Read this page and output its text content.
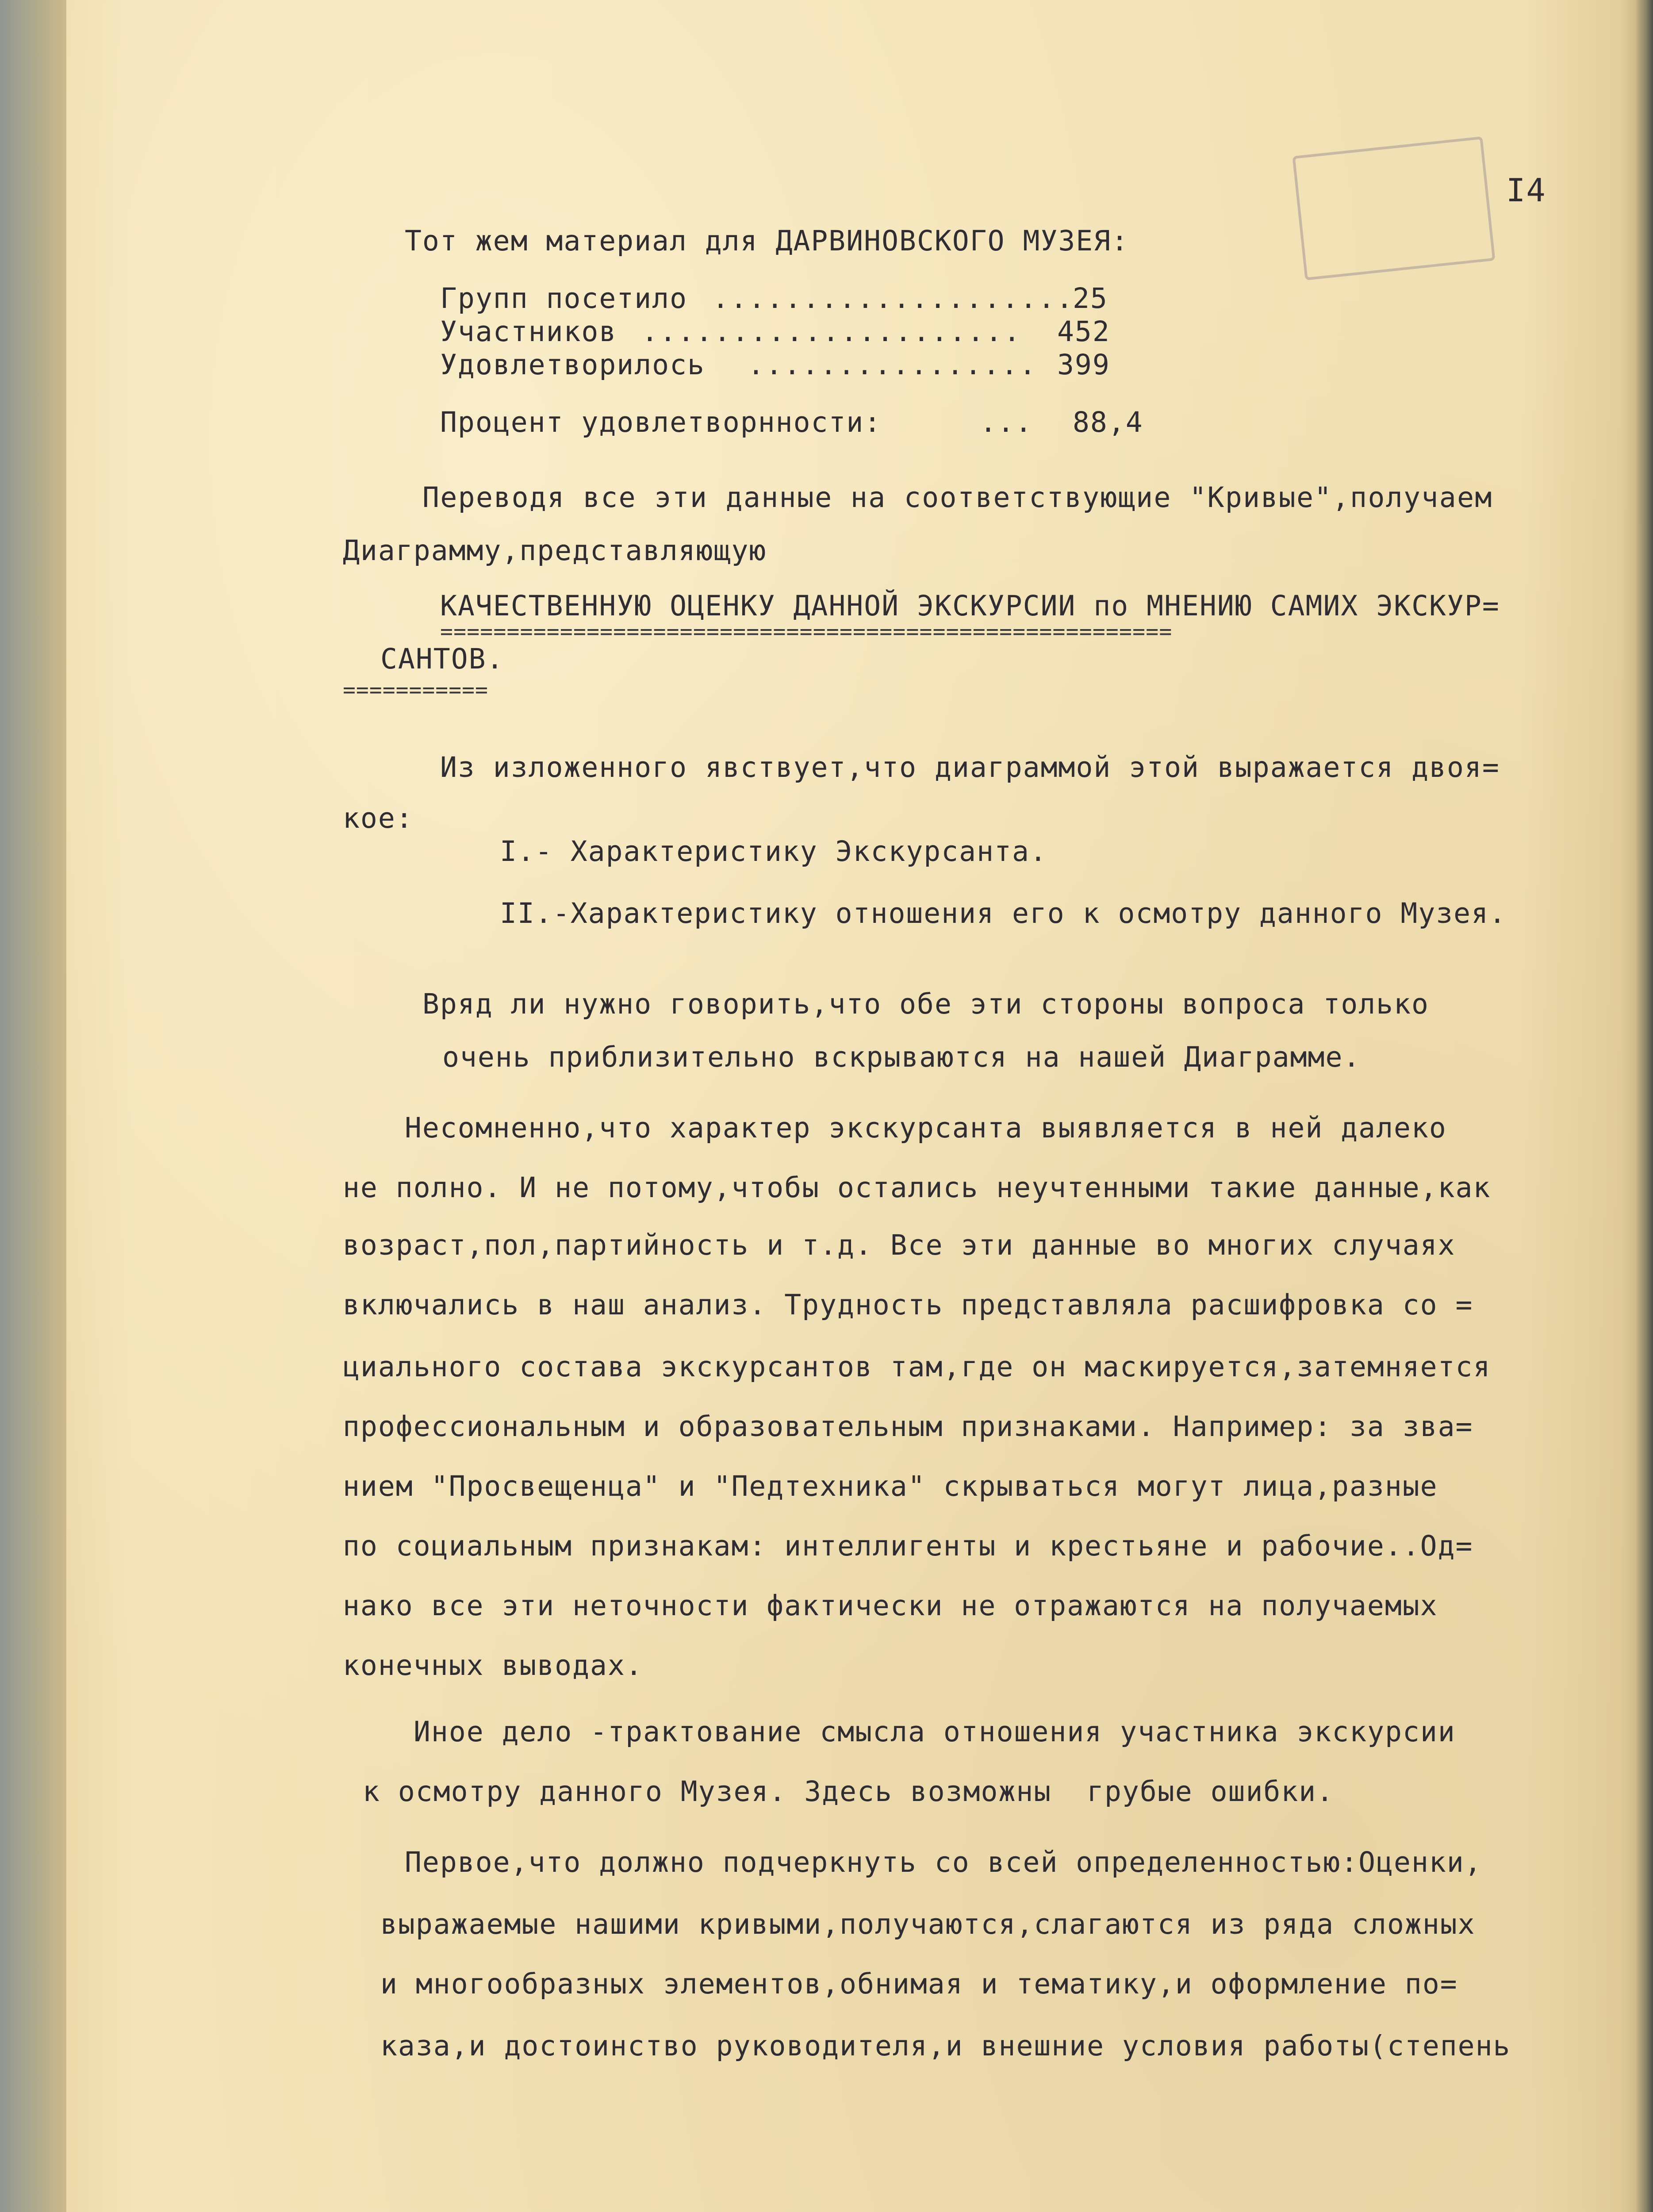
I4
Тот жем материал для ДАРВИНОВСКОГО МУЗЕЯ:
Групп посетило .....	25
Участников .....	452
Удовлетворилось .....	399
Процент удовлетворнности:	... 88,4
Переводя все эти данные на соответствующие "Кривые",получаем
Диаграмму,представляющую
КАЧЕСТВЕННУЮ ОЦЕНКУ ДАННОЙ ЭКСКУРСИИ по МНЕНИЮ САМИХ ЭКСКУР=
=======================================================
САНТОВ.
===========
Из изложенного явствует,что диаграммой этой выражается двоя=
кое:
I.- Характеристику Экскурсанта.
II.-Характеристику отношения его к осмотру данного Музея.
Вряд ли нужно говорить,что обе эти стороны вопроса только
очень приблизительно вскрываются на нашей Диаграмме.
Несомненно,что характер экскурсанта выявляется в ней далеко
не полно. И не потому,чтобы остались неучтенными такие данные,как
возраст,пол,партийность и т.д. Все эти данные во многих случаях
включались в наш анализ. Трудность представляла расшифровка со =
циального состава экскурсантов там,где он маскируется,затемняется
профессиональным и образовательным признаками. Например: за зва=
нием "Просвещенца" и "Педтехника" скрываться могут лица,разные
по социальным признакам: интеллигенты и крестьяне и рабочие..Од=
нако все эти неточности фактически не отражаются на получаемых
конечных выводах.
Иное дело -трактование смысла отношения участника экскурсии
к осмотру данного Музея. Здесь возможны  грубые ошибки.
Первое,что должно подчеркнуть со всей определенностью:Оценки,
выражаемые нашими кривыми,получаются,слагаются из ряда сложных
и многообразных элементов,обнимая и тематику,и оформление по=
каза,и достоинство руководителя,и внешние условия работы(степень
